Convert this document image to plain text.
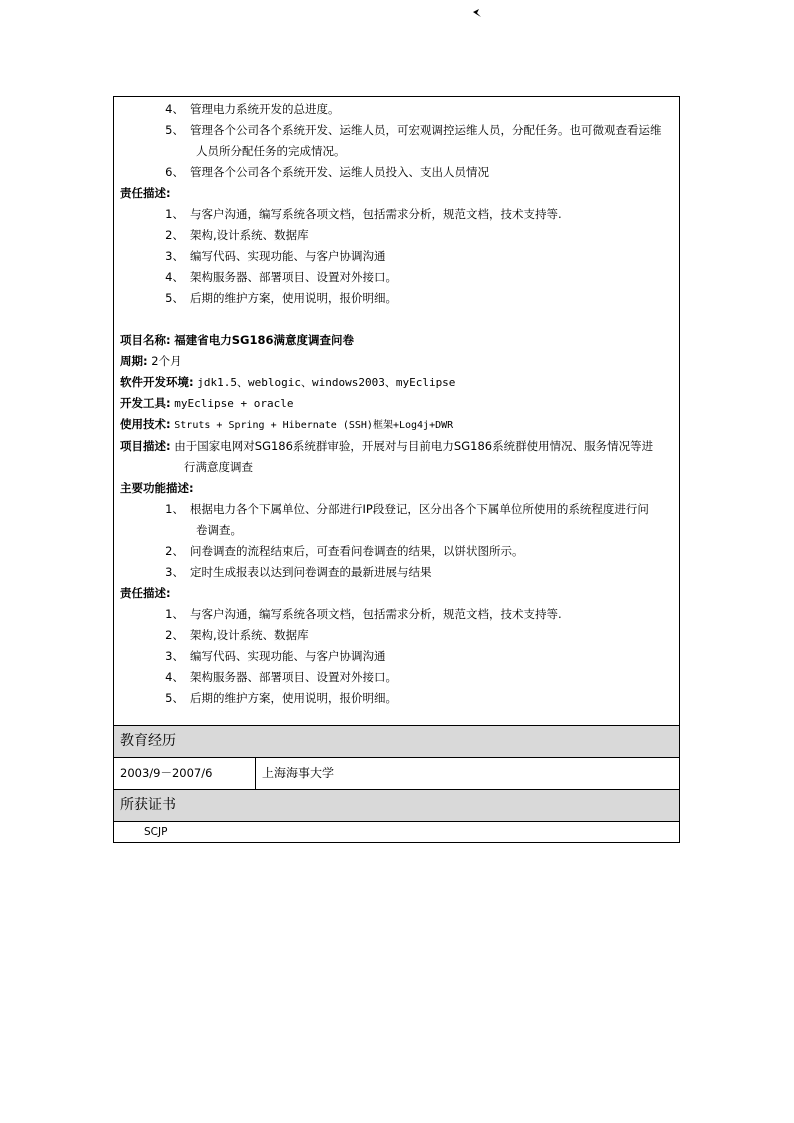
4、 管理电力系统开发的总进度。
5、 管理各个公司各个系统开发、运维人员，可宏观调控运维人员，分配任务。也可微观查看运维
人员所分配任务的完成情况。
6、 管理各个公司各个系统开发、运维人员投入、支出人员情况
责任描述:
1、 与客户沟通，编写系统各项文档，包括需求分析，规范文档，技术支持等.
2、 架构,设计系统、数据库
3、 编写代码、实现功能、与客户协调沟通
4、 架构服务器、部署项目、设置对外接口。
5、 后期的维护方案，使用说明，报价明细。
项目名称: 福建省电力SG186满意度调查问卷
周期: 2个月
软件开发环境: jdk1.5、weblogic、windows2003、myEclipse
开发工具: myEclipse + oracle
使用技术: Struts + Spring + Hibernate (SSH)框架+Log4j+DWR
项目描述: 由于国家电网对SG186系统群审验，开展对与目前电力SG186系统群使用情况、服务情况等进
行满意度调查
主要功能描述:
1、 根据电力各个下属单位、分部进行IP段登记，区分出各个下属单位所使用的系统程度进行问
卷调查。
2、 问卷调查的流程结束后，可查看问卷调查的结果，以饼状图所示。
3、 定时生成报表以达到问卷调查的最新进展与结果
责任描述:
1、 与客户沟通，编写系统各项文档，包括需求分析，规范文档，技术支持等.
2、 架构,设计系统、数据库
3、 编写代码、实现功能、与客户协调沟通
4、 架构服务器、部署项目、设置对外接口。
5、 后期的维护方案，使用说明，报价明细。
教育经历
2003/9－2007/6	上海海事大学
所获证书
SCJP
